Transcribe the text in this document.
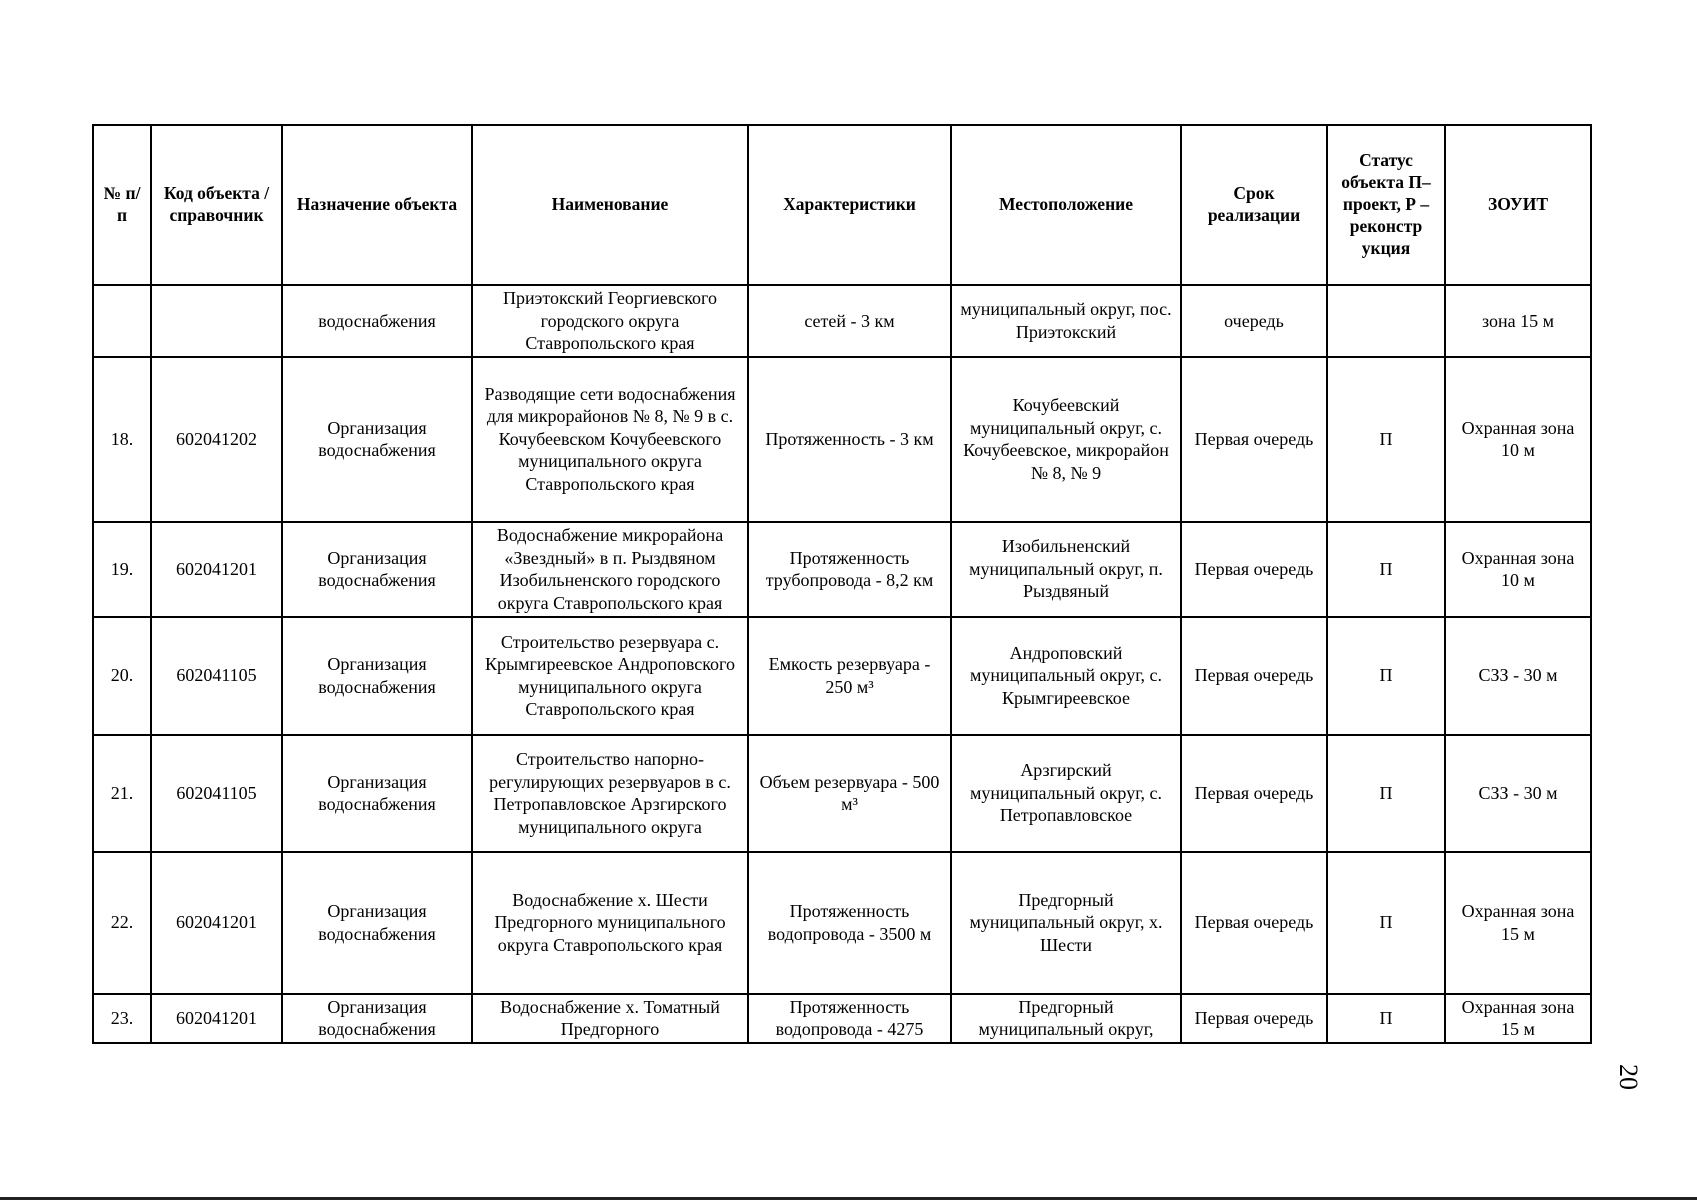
№ п/п	Код объекта / справочник	Назначение объекта	Наименование	Характеристики	Местоположение	Срок реализации	Статус объекта П– проект, Р – реконстр укция	ЗОУИТ
		водоснабжения	Приэтокский Георгиевского городского округа Ставропольского края	сетей - 3 км	муниципальный округ, пос. Приэтокский	очередь		зона 15 м
18.	602041202	Организация водоснабжения	Разводящие сети водоснабжения для микрорайонов № 8, № 9 в с. Кочубеевском Кочубеевского муниципального округа Ставропольского края	Протяженность - 3 км	Кочубеевский муниципальный округ, с. Кочубеевское, микрорайон № 8, № 9	Первая очередь	П	Охранная зона 10 м
19.	602041201	Организация водоснабжения	Водоснабжение микрорайона «Звездный» в п. Рыздвяном Изобильненского городского округа Ставропольского края	Протяженность трубопровода - 8,2 км	Изобильненский муниципальный округ, п. Рыздвяный	Первая очередь	П	Охранная зона 10 м
20.	602041105	Организация водоснабжения	Строительство резервуара с. Крымгиреевское Андроповского муниципального округа Ставропольского края	Емкость резервуара - 250 м³	Андроповский муниципальный округ, с. Крымгиреевское	Первая очередь	П	СЗЗ - 30 м
21.	602041105	Организация водоснабжения	Строительство напорно-регулирующих резервуаров в с. Петропавловское Арзгирского муниципального округа	Объем резервуара - 500 м³	Арзгирский муниципальный округ, с. Петропавловское	Первая очередь	П	СЗЗ - 30 м
22.	602041201	Организация водоснабжения	Водоснабжение х. Шести Предгорного муниципального округа Ставропольского края	Протяженность водопровода - 3500 м	Предгорный муниципальный округ, х. Шести	Первая очередь	П	Охранная зона 15 м
23.	602041201	Организация водоснабжения	Водоснабжение х. Томатный Предгорного	Протяженность водопровода - 4275	Предгорный муниципальный округ,	Первая очередь	П	Охранная зона 15 м
20
